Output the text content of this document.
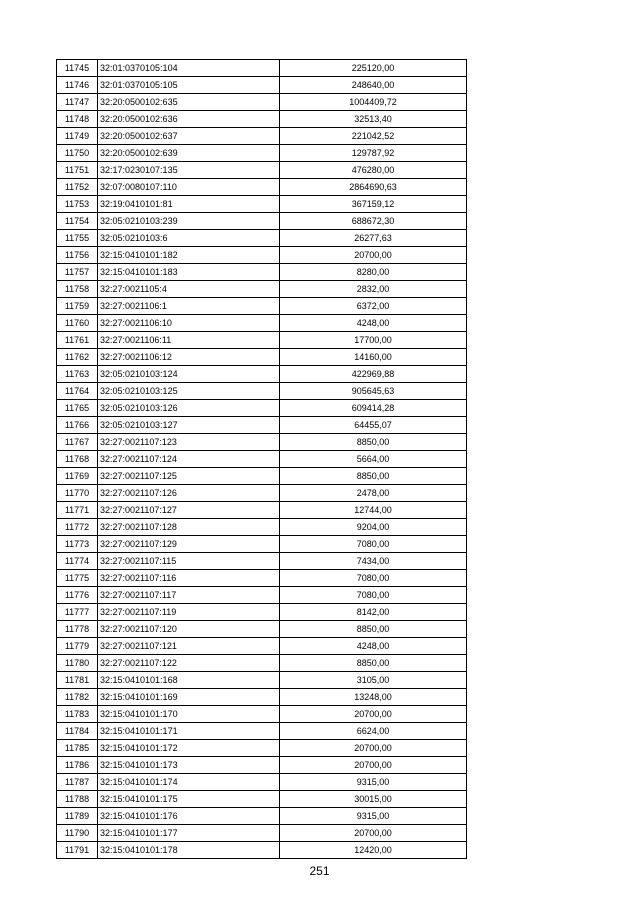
11745	32:01:0370105:104	225120,00
11746	32:01:0370105:105	248640,00
11747	32:20:0500102:635	1004409,72
11748	32:20:0500102:636	32513,40
11749	32:20:0500102:637	221042,52
11750	32:20:0500102:639	129787,92
11751	32:17:0230107:135	476280,00
11752	32:07:0080107:110	2864690,63
11753	32:19:0410101:81	367159,12
11754	32:05:0210103:239	688672,30
11755	32:05:0210103:6	26277,63
11756	32:15:0410101:182	20700,00
11757	32:15:0410101:183	8280,00
11758	32:27:0021105:4	2832,00
11759	32:27:0021106:1	6372,00
11760	32:27:0021106:10	4248,00
11761	32:27:0021106:11	17700,00
11762	32:27:0021106:12	14160,00
11763	32:05:0210103:124	422969,88
11764	32:05:0210103:125	905645,63
11765	32:05:0210103:126	609414,28
11766	32:05:0210103:127	64455,07
11767	32:27:0021107:123	8850,00
11768	32:27:0021107:124	5664,00
11769	32:27:0021107:125	8850,00
11770	32:27:0021107:126	2478,00
11771	32:27:0021107:127	12744,00
11772	32:27:0021107:128	9204,00
11773	32:27:0021107:129	7080,00
11774	32:27:0021107:115	7434,00
11775	32:27:0021107:116	7080,00
11776	32:27:0021107:117	7080,00
11777	32:27:0021107:119	8142,00
11778	32:27:0021107:120	8850,00
11779	32:27:0021107:121	4248,00
11780	32:27:0021107:122	8850,00
11781	32:15:0410101:168	3105,00
11782	32:15:0410101:169	13248,00
11783	32:15:0410101:170	20700,00
11784	32:15:0410101:171	6624,00
11785	32:15:0410101:172	20700,00
11786	32:15:0410101:173	20700,00
11787	32:15:0410101:174	9315,00
11788	32:15:0410101:175	30015,00
11789	32:15:0410101:176	9315,00
11790	32:15:0410101:177	20700,00
11791	32:15:0410101:178	12420,00
251
